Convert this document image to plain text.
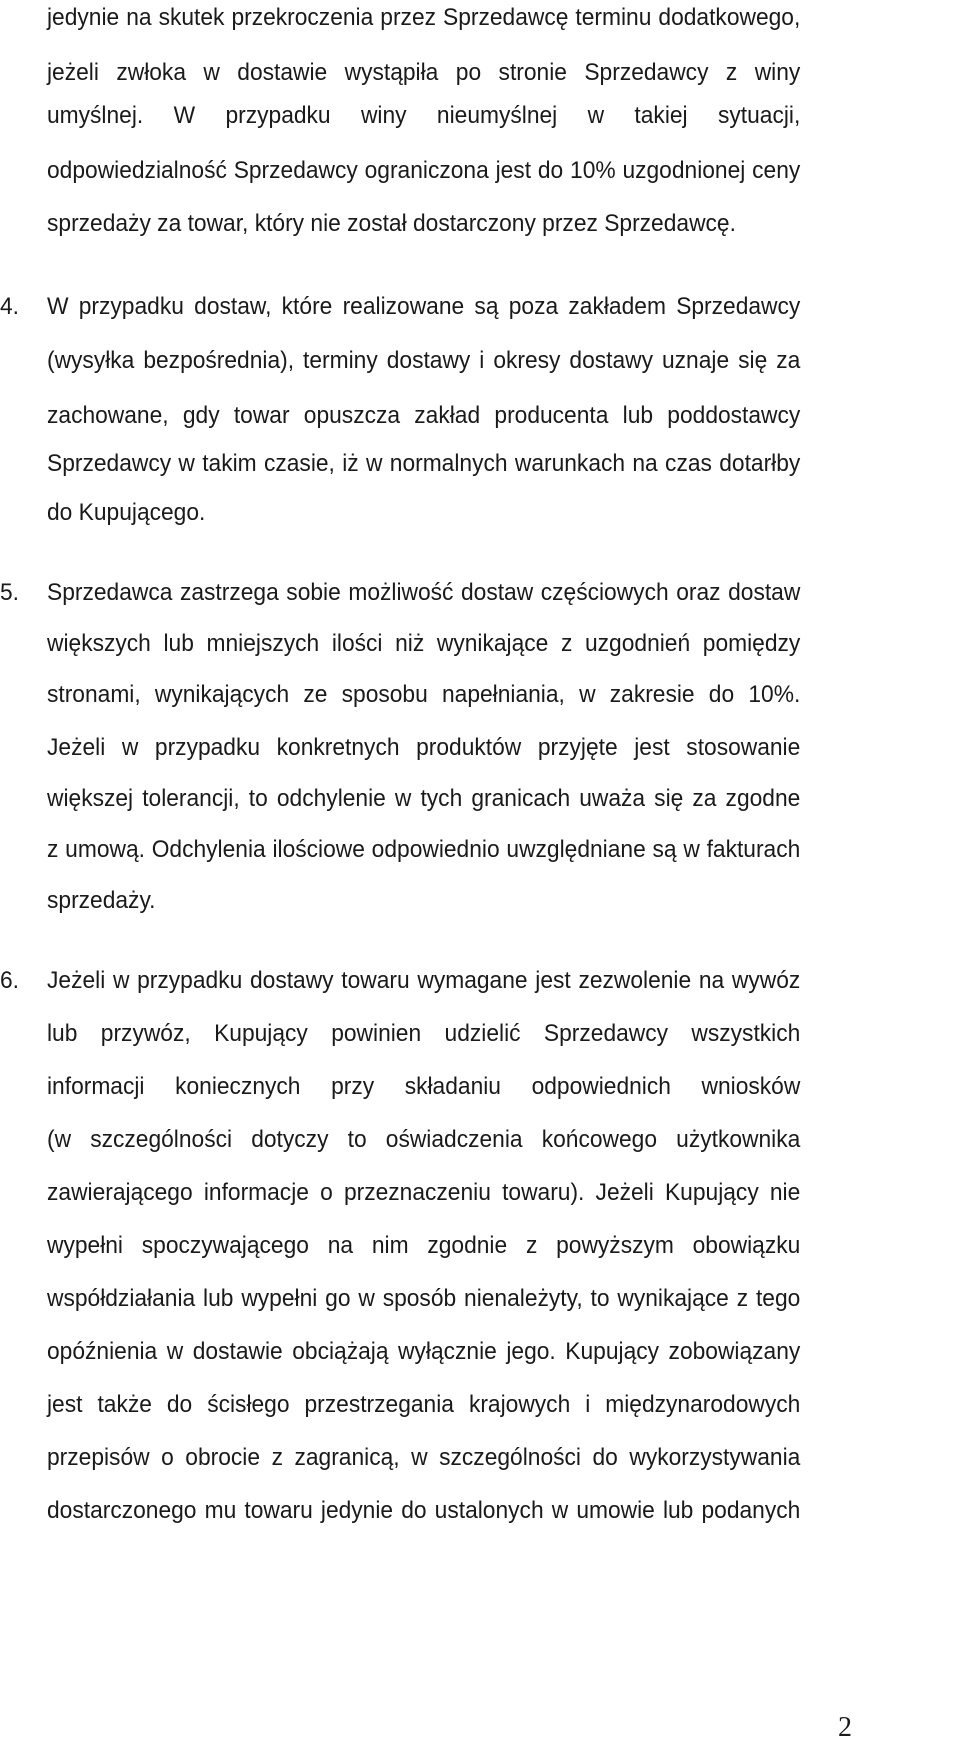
jedynie na skutek przekroczenia przez Sprzedawcę terminu dodatkowego,
jeżeli zwłoka w dostawie wystąpiła po stronie Sprzedawcy z winy
umyślnej. W przypadku winy nieumyślnej w takiej sytuacji,
odpowiedzialność Sprzedawcy ograniczona jest do 10% uzgodnionej ceny
sprzedaży za towar, który nie został dostarczony przez Sprzedawcę.
4. W przypadku dostaw, które realizowane są poza zakładem Sprzedawcy
(wysyłka bezpośrednia), terminy dostawy i okresy dostawy uznaje się za
zachowane, gdy towar opuszcza zakład producenta lub poddostawcy
Sprzedawcy w takim czasie, iż w normalnych warunkach na czas dotarłby
do Kupującego.
5. Sprzedawca zastrzega sobie możliwość dostaw częściowych oraz dostaw
większych lub mniejszych ilości niż wynikające z uzgodnień pomiędzy
stronami, wynikających ze sposobu napełniania, w zakresie do 10%.
Jeżeli w przypadku konkretnych produktów przyjęte jest stosowanie
większej tolerancji, to odchylenie w tych granicach uważa się za zgodne
z umową. Odchylenia ilościowe odpowiednio uwzględniane są w fakturach
sprzedaży.
6. Jeżeli w przypadku dostawy towaru wymagane jest zezwolenie na wywóz
lub przywóz, Kupujący powinien udzielić Sprzedawcy wszystkich
informacji koniecznych przy składaniu odpowiednich wniosków
(w szczególności dotyczy to oświadczenia końcowego użytkownika
zawierającego informacje o przeznaczeniu towaru). Jeżeli Kupujący nie
wypełni spoczywającego na nim zgodnie z powyższym obowiązku
współdziałania lub wypełni go w sposób nienależyty, to wynikające z tego
opóźnienia w dostawie obciążają wyłącznie jego. Kupujący zobowiązany
jest także do ścisłego przestrzegania krajowych i międzynarodowych
przepisów o obrocie z zagranicą, w szczególności do wykorzystywania
dostarczonego mu towaru jedynie do ustalonych w umowie lub podanych
2
